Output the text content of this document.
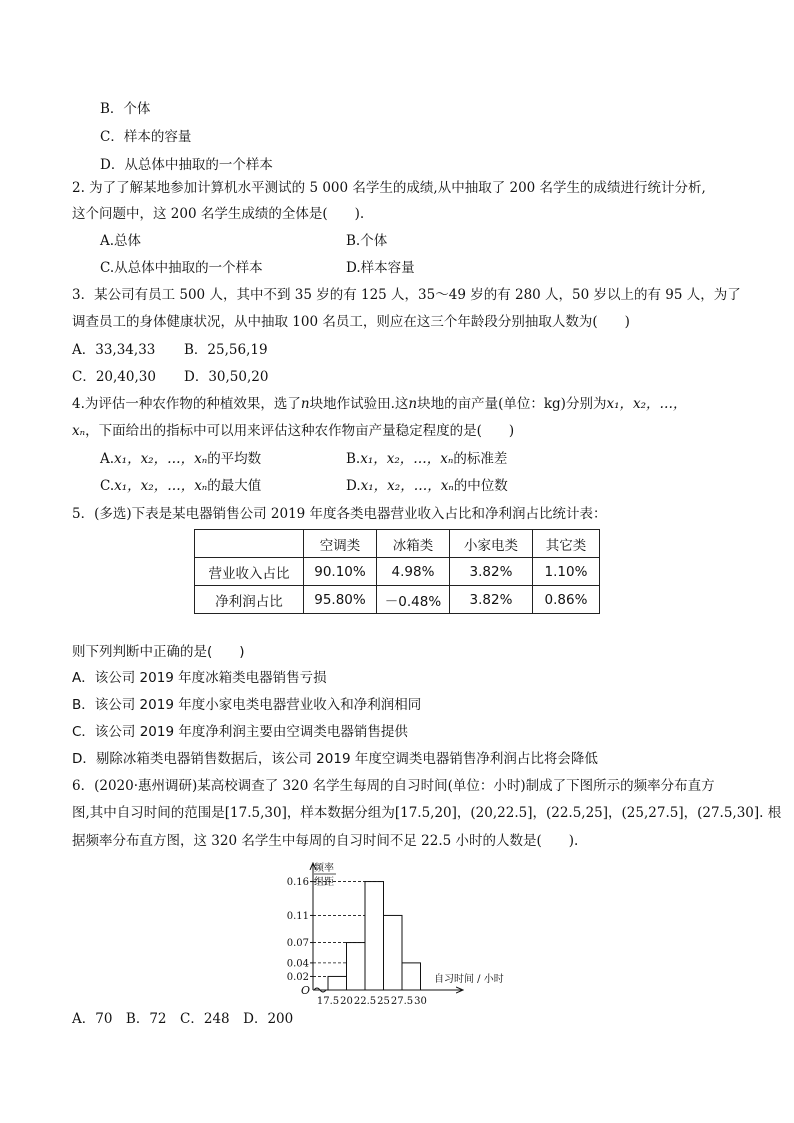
B．个体
C．样本的容量
D．从总体中抽取的一个样本
2. 为了了解某地参加计算机水平测试的 5 000 名学生的成绩,从中抽取了 200 名学生的成绩进行统计分析,
这个问题中，这 200 名学生成绩的全体是(　　).
A.总体	B.个体
C.从总体中抽取的一个样本	D.样本容量
3．某公司有员工 500 人，其中不到 35 岁的有 125 人，35～49 岁的有 280 人，50 岁以上的有 95 人，为了
调查员工的身体健康状况，从中抽取 100 名员工，则应在这三个年龄段分别抽取人数为(　　)
A．33,34,33 B．25,56,19
C．20,40,30 D．30,50,20
4.为评估一种农作物的种植效果，选了n块地作试验田.这n块地的亩产量(单位：kg)分别为x₁，x₂，…，
xₙ，下面给出的指标中可以用来评估这种农作物亩产量稳定程度的是(　　)
A.x₁，x₂，…，xₙ的平均数	B.x₁，x₂，…，xₙ的标准差
C.x₁，x₂，…，xₙ的最大值	D.x₁，x₂，…，xₙ的中位数
5．(多选)下表是某电器销售公司 2019 年度各类电器营业收入占比和净利润占比统计表：
	空调类	冰箱类	小家电类	其它类
营业收入占比	90.10%	4.98%	3.82%	1.10%
净利润占比	95.80%	－0.48%	3.82%	0.86%
则下列判断中正确的是(　　)
A．该公司 2019 年度冰箱类电器销售亏损
B．该公司 2019 年度小家电类电器营业收入和净利润相同
C．该公司 2019 年度净利润主要由空调类电器销售提供
D．剔除冰箱类电器销售数据后，该公司 2019 年度空调类电器销售净利润占比将会降低
6．(2020·惠州调研)某高校调查了 320 名学生每周的自习时间(单位：小时)制成了下图所示的频率分布直方
图,其中自习时间的范围是[17.5,30]，样本数据分组为[17.5,20]，(20,22.5]，(22.5,25]，(25,27.5]，(27.5,30]. 根
据频率分布直方图，这 320 名学生中每周的自习时间不足 22.5 小时的人数是(　　).
0.16
0.11
0.07
0.04
0.02
17.5 20 22.5 25 27.5 30
O
频率
组距
自习时间 / 小时
A．70　B．72　C．248　D．200
